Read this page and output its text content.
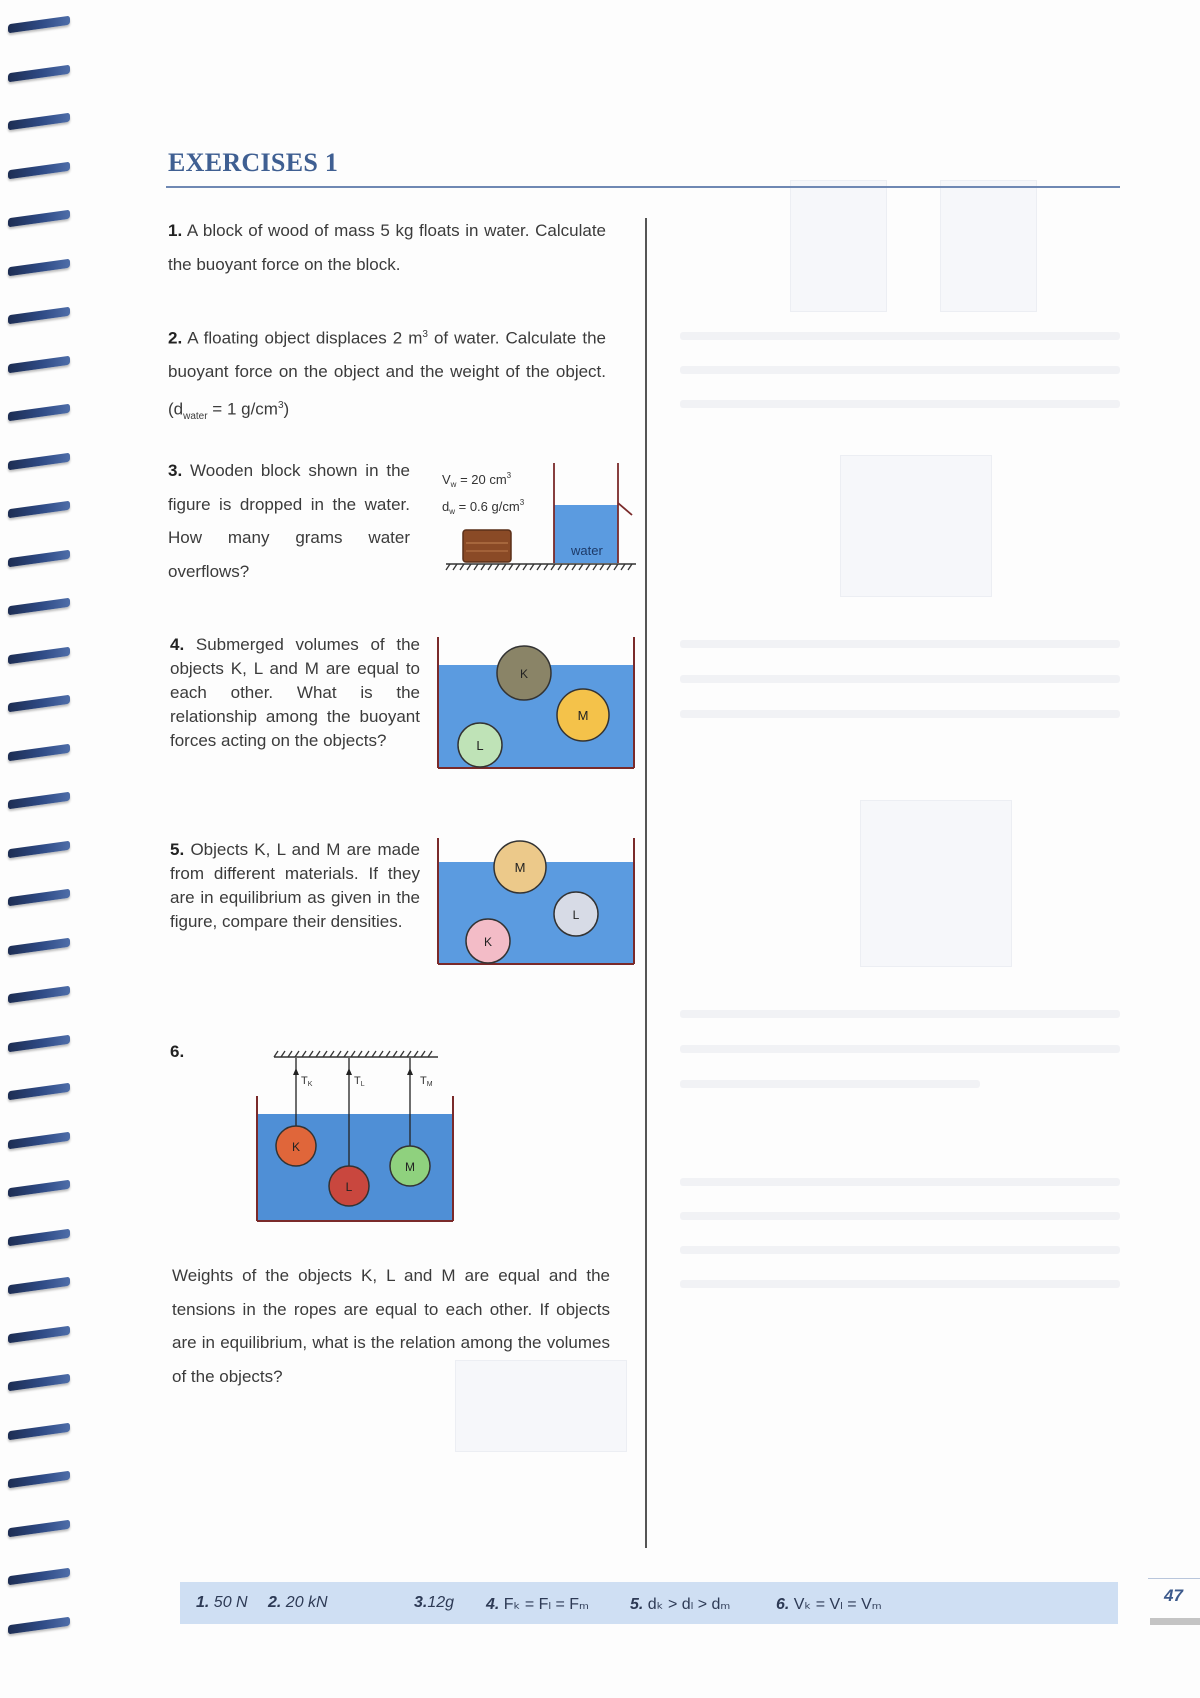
EXERCISES 1
1. A block of wood of mass 5 kg floats in water. Calculate the buoyant force on the block.
2. A floating object displaces 2 $m^3$ of water. Calculate the buoyant force on the object and the weight of the object. ($d_{water} = 1$ $g/cm^3$)
3. Wooden block shown in the figure is dropped in the water. How many grams water overflows?
$V_w = 20$ $cm^3$
$d_w = 0.6$ $g/cm^3$
water
4. Submerged volumes of the objects K, L and M are equal to each other. What is the relationship among the buoyant forces acting on the objects?
K
M
L
5. Objects K, L and M are made from different materials. If they are in equilibrium as given in the figure, compare their densities.
M
L
K
6.
TK	TL	TM
K
L
M
Weights of the objects K, L and M are equal and the tensions in the ropes are equal to each other. If objects are in equilibrium, what is the relation among the volumes of the objects?
1. 50 N 2. 20 kN	3.12g 4. Fₖ = Fₗ = Fₘ	5. dₖ > dₗ > dₘ	6. Vₖ = Vₗ = Vₘ	47
